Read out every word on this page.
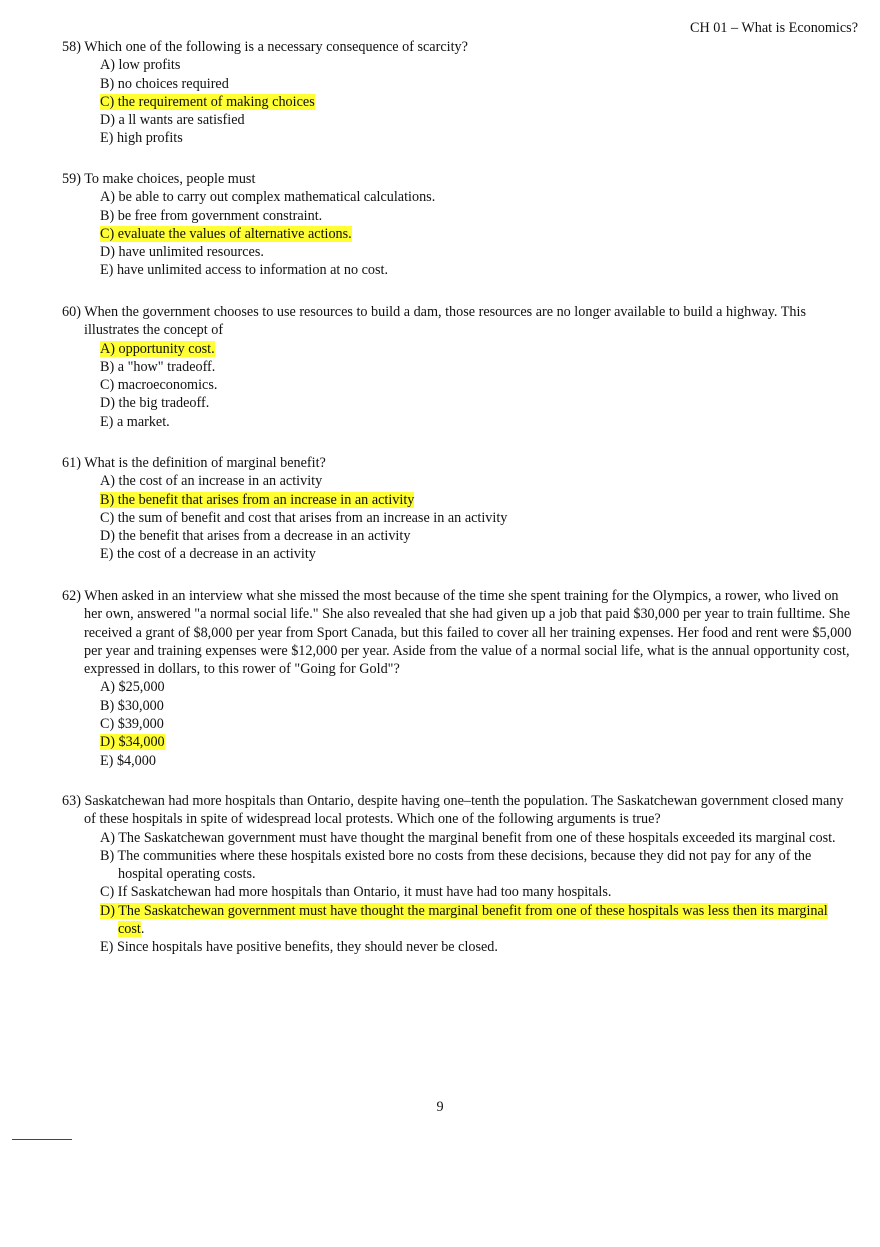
CH 01 – What is Economics?
58) Which one of the following is a necessary consequence of scarcity?
A) low profits
B) no choices required
C) the requirement of making choices
D) a ll wants are satisfied
E) high profits
59) To make choices, people must
A) be able to carry out complex mathematical calculations.
B) be free from government constraint.
C) evaluate the values of alternative actions.
D) have unlimited resources.
E) have unlimited access to information at no cost.
60) When the government chooses to use resources to build a dam, those resources are no longer available to build a highway. This illustrates the concept of
A) opportunity cost.
B) a "how" tradeoff.
C) macroeconomics.
D) the big tradeoff.
E) a market.
61) What is the definition of marginal benefit?
A) the cost of an increase in an activity
B) the benefit that arises from an increase in an activity
C) the sum of benefit and cost that arises from an increase in an activity
D) the benefit that arises from a decrease in an activity
E) the cost of a decrease in an activity
62) When asked in an interview what she missed the most because of the time she spent training for the Olympics, a rower, who lived on her own, answered "a normal social life." She also revealed that she had given up a job that paid $30,000 per year to train fulltime. She received a grant of $8,000 per year from Sport Canada, but this failed to cover all her training expenses. Her food and rent were $5,000 per year and training expenses were $12,000 per year. Aside from the value of a normal social life, what is the annual opportunity cost, expressed in dollars, to this rower of "Going for Gold"?
A) $25,000
B) $30,000
C) $39,000
D) $34,000
E) $4,000
63) Saskatchewan had more hospitals than Ontario, despite having one–tenth the population. The Saskatchewan government closed many of these hospitals in spite of widespread local protests. Which one of the following arguments is true?
A) The Saskatchewan government must have thought the marginal benefit from one of these hospitals exceeded its marginal cost.
B) The communities where these hospitals existed bore no costs from these decisions, because they did not pay for any of the hospital operating costs.
C) If Saskatchewan had more hospitals than Ontario, it must have had too many hospitals.
D) The Saskatchewan government must have thought the marginal benefit from one of these hospitals was less then its marginal cost.
E) Since hospitals have positive benefits, they should never be closed.
9
